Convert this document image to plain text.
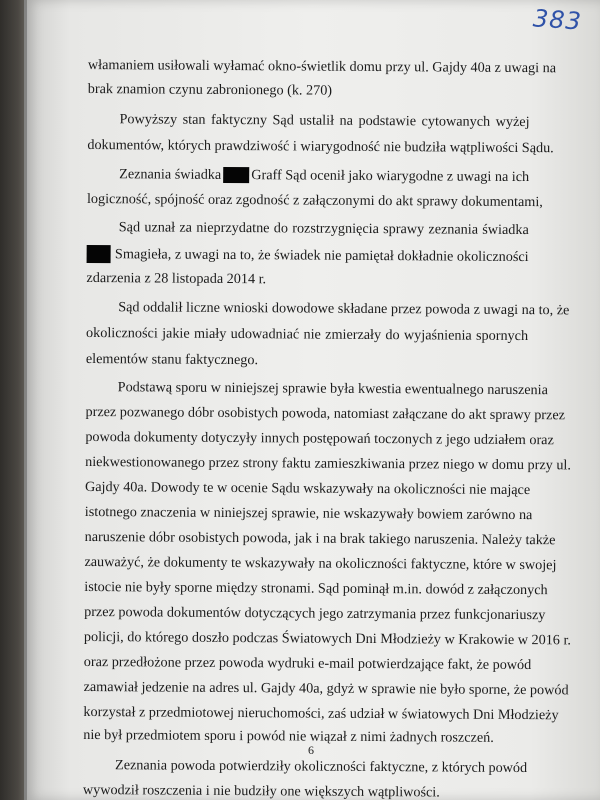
383
włamaniem usiłowali wyłamać okno-świetlik domu przy ul. Gajdy 40a z uwagi na
brak znamion czynu zabronionego (k. 270)
Powyższy stan faktyczny Sąd ustalił na podstawie cytowanych wyżej
dokumentów, których prawdziwość i wiarygodność nie budziła wątpliwości Sądu.
Zeznania świadka Graff Sąd ocenił jako wiarygodne z uwagi na ich
logiczność, spójność oraz zgodność z załączonymi do akt sprawy dokumentami,
Sąd uznał za nieprzydatne do rozstrzygnięcia sprawy zeznania świadka
Smagieła, z uwagi na to, że świadek nie pamiętał dokładnie okoliczności
zdarzenia z 28 listopada 2014 r.
Sąd oddalił liczne wnioski dowodowe składane przez powoda z uwagi na to, że
okoliczności jakie miały udowadniać nie zmierzały do wyjaśnienia spornych
elementów stanu faktycznego.
Podstawą sporu w niniejszej sprawie była kwestia ewentualnego naruszenia
przez pozwanego dóbr osobistych powoda, natomiast załączane do akt sprawy przez
powoda dokumenty dotyczyły innych postępowań toczonych z jego udziałem oraz
niekwestionowanego przez strony faktu zamieszkiwania przez niego w domu przy ul.
Gajdy 40a. Dowody te w ocenie Sądu wskazywały na okoliczności nie mające
istotnego znaczenia w niniejszej sprawie, nie wskazywały bowiem zarówno na
naruszenie dóbr osobistych powoda, jak i na brak takiego naruszenia. Należy także
zauważyć, że dokumenty te wskazywały na okoliczności faktyczne, które w swojej
istocie nie były sporne między stronami. Sąd pominął m.in. dowód z załączonych
przez powoda dokumentów dotyczących jego zatrzymania przez funkcjonariuszy
policji, do którego doszło podczas Światowych Dni Młodzieży w Krakowie w 2016 r.
oraz przedłożone przez powoda wydruki e-mail potwierdzające fakt, że powód
zamawiał jedzenie na adres ul. Gajdy 40a, gdyż w sprawie nie było sporne, że powód
korzystał z przedmiotowej nieruchomości, zaś udział w światowych Dni Młodzieży
nie był przedmiotem sporu i powód nie wiązał z nimi żadnych roszczeń.
Zeznania powoda potwierdziły okoliczności faktyczne, z których powód
wywodził roszczenia i nie budziły one większych wątpliwości.
6
